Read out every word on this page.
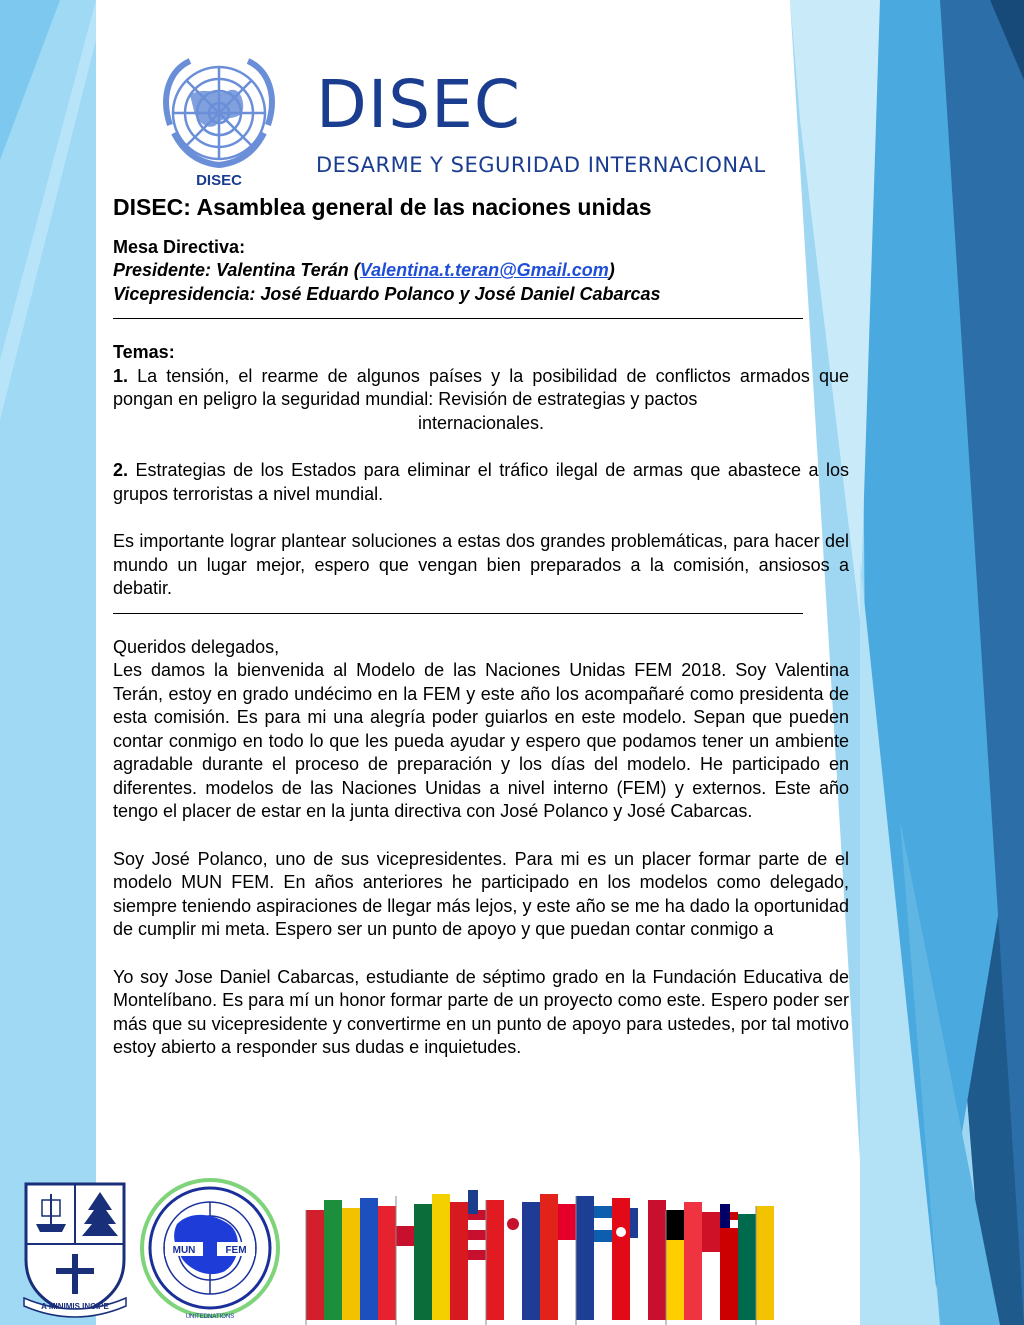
DISEC
DISEC
DESARME Y SEGURIDAD INTERNACIONAL

DISEC: Asamblea general de las naciones unidas

Mesa Directiva:

Presidente: Valentina Terán (Valentina.t.teran@Gmail.com)

Vicepresidencia: José Eduardo Polanco y José Daniel Cabarcas

Temas:

1. La tensión, el rearme de algunos países y la posibilidad de conflictos armados que pongan en peligro la seguridad mundial: Revisión de estrategias y pactos

internacionales.

2. Estrategias de los Estados para eliminar el tráfico ilegal de armas que abastece a los grupos terroristas a nivel mundial.

Es importante lograr plantear soluciones a estas dos grandes problemáticas, para hacer del mundo un lugar mejor, espero que vengan bien preparados a la comisión, ansiosos a debatir.

Queridos delegados,

Les damos la bienvenida al Modelo de las Naciones Unidas FEM 2018. Soy Valentina Terán, estoy en grado undécimo en la FEM y este año los acompañaré como presidenta de esta comisión. Es para mi una alegría poder guiarlos en este modelo. Sepan que pueden contar conmigo en todo lo que les pueda ayudar y espero que podamos tener un ambiente agradable durante el proceso de preparación y los días del modelo. He participado en diferentes. modelos de las Naciones Unidas a nivel interno (FEM) y externos. Este año tengo el placer de estar en la junta directiva con José Polanco y José Cabarcas.

Soy José Polanco, uno de sus vicepresidentes. Para mi es un placer formar parte de el modelo MUN FEM. En años anteriores he participado en los modelos como delegado, siempre teniendo aspiraciones de llegar más lejos, y este año se me ha dado la oportunidad de cumplir mi meta. Espero ser un punto de apoyo y que puedan contar conmigo a

Yo soy Jose Daniel Cabarcas, estudiante de séptimo grado en la Fundación Educativa de Montelíbano. Es para mí un honor formar parte de un proyecto como este. Espero poder ser más que su vicepresidente y convertirme en un punto de apoyo para ustedes, por tal motivo estoy abierto a responder sus dudas e inquietudes.

A MINIMIS INCIPE
MUN	FEM
UNITEDNATIONS
